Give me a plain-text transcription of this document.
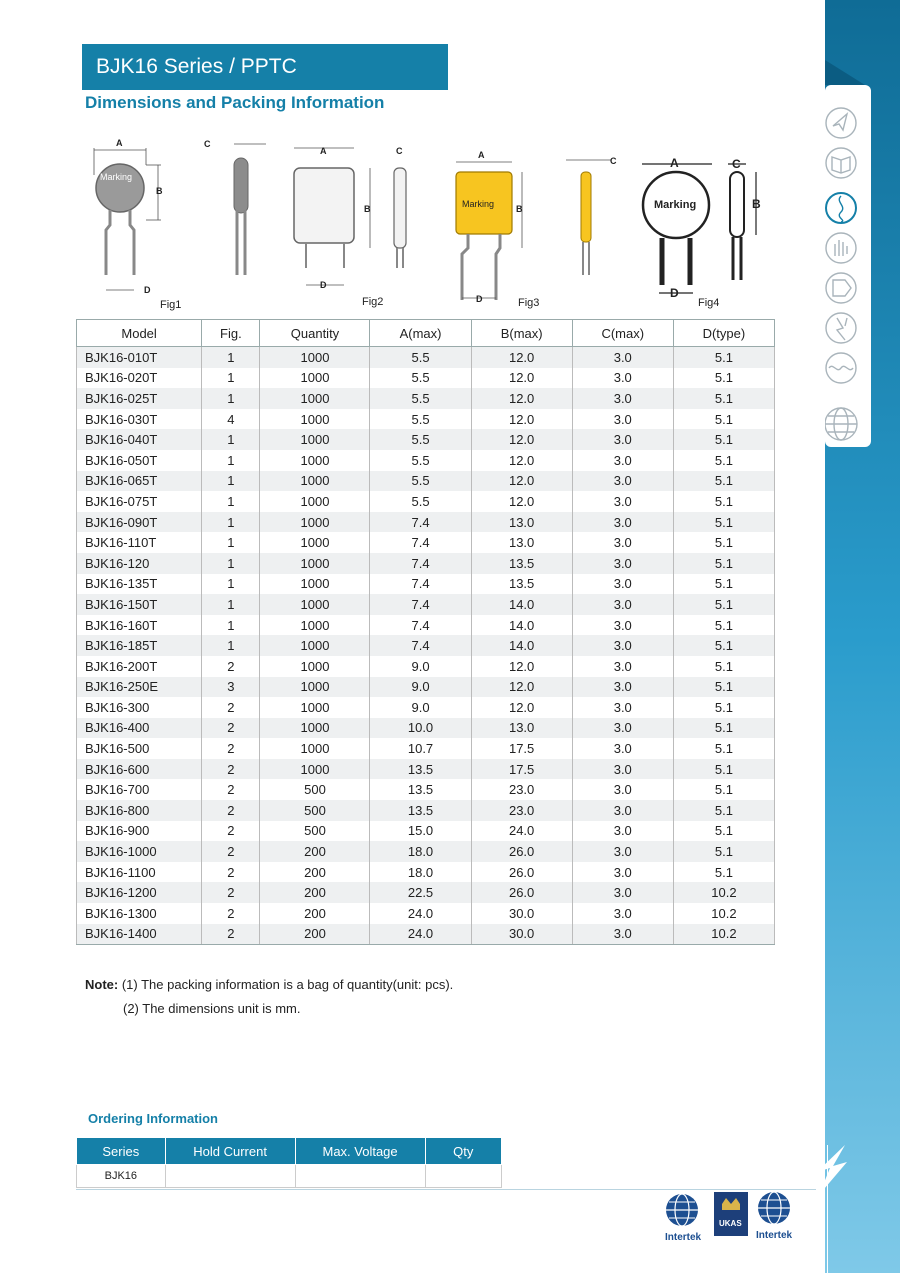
BJK16 Series / PPTC
Dimensions and Packing Information
A
Marking
B
D
C
A
D
B
C	A
Marking
D
B
C	A
Marking
D
C
B
Fig1	Fig2	Fig3	Fig4
Model	Fig.	Quantity	A(max)	B(max)	C(max)	D(type)
BJK16-010T	1	1000	5.5	12.0	3.0	5.1
BJK16-020T	1	1000	5.5	12.0	3.0	5.1
BJK16-025T	1	1000	5.5	12.0	3.0	5.1
BJK16-030T	4	1000	5.5	12.0	3.0	5.1
BJK16-040T	1	1000	5.5	12.0	3.0	5.1
BJK16-050T	1	1000	5.5	12.0	3.0	5.1
BJK16-065T	1	1000	5.5	12.0	3.0	5.1
BJK16-075T	1	1000	5.5	12.0	3.0	5.1
BJK16-090T	1	1000	7.4	13.0	3.0	5.1
BJK16-110T	1	1000	7.4	13.0	3.0	5.1
BJK16-120	1	1000	7.4	13.5	3.0	5.1
BJK16-135T	1	1000	7.4	13.5	3.0	5.1
BJK16-150T	1	1000	7.4	14.0	3.0	5.1
BJK16-160T	1	1000	7.4	14.0	3.0	5.1
BJK16-185T	1	1000	7.4	14.0	3.0	5.1
BJK16-200T	2	1000	9.0	12.0	3.0	5.1
BJK16-250E	3	1000	9.0	12.0	3.0	5.1
BJK16-300	2	1000	9.0	12.0	3.0	5.1
BJK16-400	2	1000	10.0	13.0	3.0	5.1
BJK16-500	2	1000	10.7	17.5	3.0	5.1
BJK16-600	2	1000	13.5	17.5	3.0	5.1
BJK16-700	2	500	13.5	23.0	3.0	5.1
BJK16-800	2	500	13.5	23.0	3.0	5.1
BJK16-900	2	500	15.0	24.0	3.0	5.1
BJK16-1000	2	200	18.0	26.0	3.0	5.1
BJK16-1100	2	200	18.0	26.0	3.0	5.1
BJK16-1200	2	200	22.5	26.0	3.0	10.2
BJK16-1300	2	200	24.0	30.0	3.0	10.2
BJK16-1400	2	200	24.0	30.0	3.0	10.2
Note: (1) The packing information is a bag of quantity(unit: pcs).
(2) The dimensions unit is mm.
Ordering Information
Series	Hold Current	Max. Voltage	Qty
BJK16			
Intertek
UKAS
Intertek
